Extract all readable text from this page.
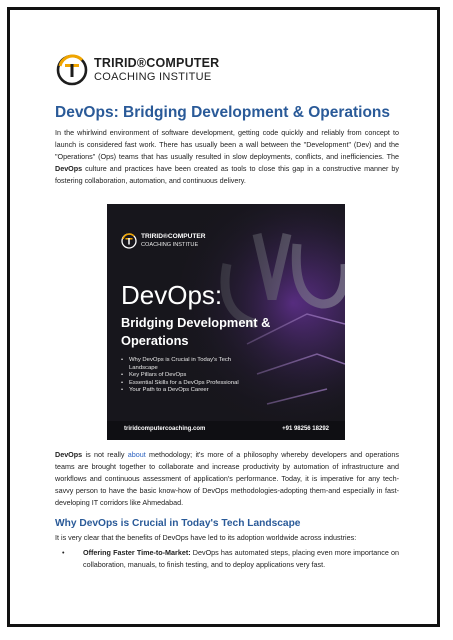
TRIRID®COMPUTER
COACHING INSTITUE
DevOps: Bridging Development & Operations
In the whirlwind environment of software development, getting code quickly and reliably from concept to launch is considered fast work. There has usually been a wall between the "Development" (Dev) and the "Operations" (Ops) teams that has usually resulted in slow deployments, conflicts, and inefficiencies. The DevOps culture and practices have been created as tools to close this gap in a constructive manner by fostering collaboration, automation, and continuous delivery.
TRIRID®COMPUTER
COACHING INSTITUE
DevOps:
Bridging Development &
Operations
• Why DevOps is Crucial in Today's Tech Landscape
• Key Pillars of DevOps
• Essential Skills for a DevOps Professional
• Your Path to a DevOps Career
triridcomputercoaching.com	+91 98256 18292
DevOps is not really about methodology; it's more of a philosophy whereby developers and operations teams are brought together to collaborate and increase productivity by automation of infrastructure and workflows and continuous assessment of application's performance. Today, it is imperative for any tech-savvy person to have the basic know-how of DevOps methodologies-adopting them-and especially in fast-developing IT corridors like Ahmedabad.
Why DevOps is Crucial in Today's Tech Landscape
It is very clear that the benefits of DevOps have led to its adoption worldwide across industries:
•	Offering Faster Time-to-Market: DevOps has automated steps, placing even more importance on collaboration, manuals, to finish testing, and to deploy applications very fast.
